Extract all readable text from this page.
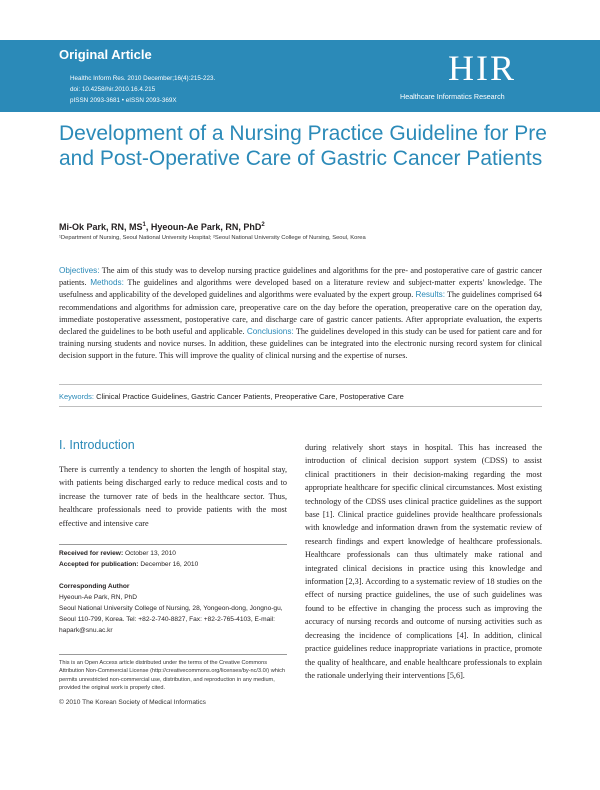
Original Article
Healthc Inform Res. 2010 December;16(4):215-223.
doi: 10.4258/hir.2010.16.4.215
pISSN 2093-3681 • eISSN 2093-369X
HIR
Healthcare Informatics Research
Development of a Nursing Practice Guideline for Pre and Post-Operative Care of Gastric Cancer Patients
Mi-Ok Park, RN, $MS^1$, Hyeoun-Ae Park, RN, PhD$^2$
¹Department of Nursing, Seoul National University Hospital; ²Seoul National University College of Nursing, Seoul, Korea
Objectives: The aim of this study was to develop nursing practice guidelines and algorithms for the pre- and postoperative care of gastric cancer patients. Methods: The guidelines and algorithms were developed based on a literature review and subject-matter experts' knowledge. The usefulness and applicability of the developed guidelines and algorithms were evaluated by the expert group. Results: The guidelines comprised 64 recommendations and algorithms for admission care, preoperative care on the day before the operation, preoperative care on the operation day, immediate postoperative assessment, postoperative care, and discharge care of gastric cancer patients. After appropriate evaluation, the experts declared the guidelines to be both useful and applicable. Conclusions: The guidelines developed in this study can be used for patient care and for training nursing students and novice nurses. In addition, these guidelines can be integrated into the electronic nursing record system for clinical decision support in the future. This will improve the quality of clinical nursing and the expertise of nurses.
Keywords: Clinical Practice Guidelines, Gastric Cancer Patients, Preoperative Care, Postoperative Care
I. Introduction
There is currently a tendency to shorten the length of hospital stay, with patients being discharged early to reduce medical costs and to increase the turnover rate of beds in the healthcare sector. Thus, healthcare professionals need to provide patients with the most effective and intensive care
Received for review: October 13, 2010
Accepted for publication: December 16, 2010
Corresponding Author
Hyeoun-Ae Park, RN, PhD
Seoul National University College of Nursing, 28, Yongeon-dong, Jongno-gu, Seoul 110-799, Korea. Tel: +82-2-740-8827, Fax: +82-2-765-4103, E-mail: hapark@snu.ac.kr
This is an Open Access article distributed under the terms of the Creative Commons Attribution Non-Commercial License (http://creativecommons.org/licenses/by-nc/3.0/) which permits unrestricted non-commercial use, distribution, and reproduction in any medium, provided the original work is properly cited.
© 2010 The Korean Society of Medical Informatics
during relatively short stays in hospital. This has increased the introduction of clinical decision support system (CDSS) to assist clinical practitioners in their decision-making regarding the most appropriate healthcare for specific clinical circumstances. Most existing technology of the CDSS uses clinical practice guidelines as the support base [1]. Clinical practice guidelines provide healthcare professionals with knowledge and information drawn from the systematic review of research findings and expert knowledge of healthcare professionals. Healthcare professionals can thus ultimately make rational and integrated clinical decisions in practice using this knowledge and information [2,3]. According to a systematic review of 18 studies on the effect of nursing practice guidelines, the use of such guidelines was found to be effective in changing the process such as improving the accuracy of nursing records and outcome of nursing activities such as decreasing the incidence of complications [4]. In addition, clinical practice guidelines reduce inappropriate variations in practice, promote the quality of healthcare, and enable healthcare professionals to explain the rationale underlying their interventions [5,6].
